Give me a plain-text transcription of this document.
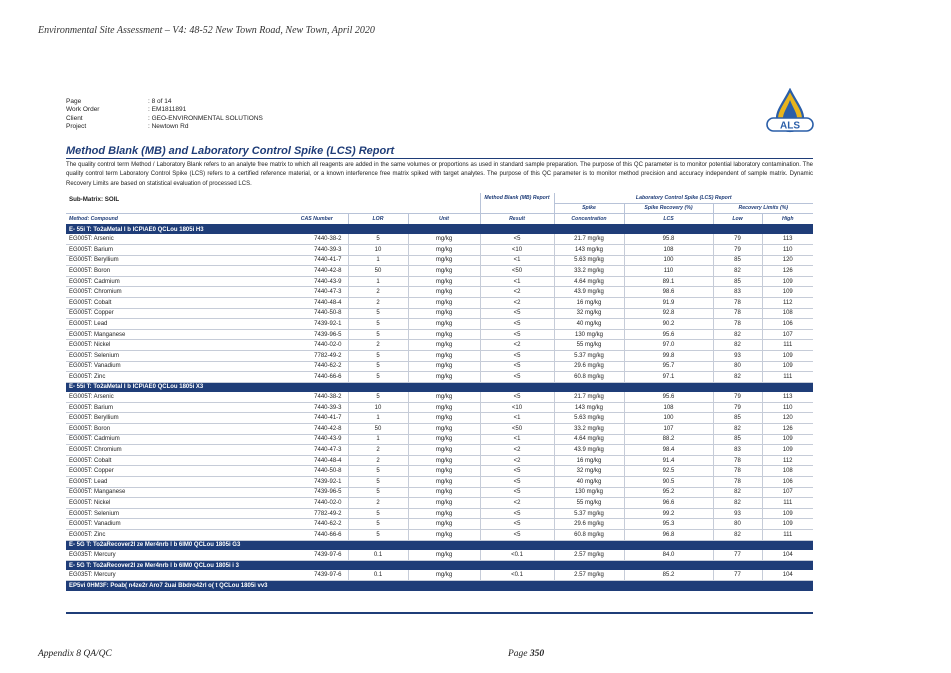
Environmental Site Assessment – V4: 48-52 New Town Road, New Town, April 2020
Page	: 8 of 14
Work Order	: EM1811891
Client	: GEO-ENVIRONMENTAL SOLUTIONS
Project	: Newtown Rd	ALS
Method Blank (MB) and Laboratory Control Spike (LCS) Report
The quality control term Method / Laboratory Blank refers to an analyte free matrix to which all reagents are added in the same volumes or proportions as used in standard sample preparation. The purpose of this QC parameter is to monitor potential laboratory contamination. The quality control term Laboratory Control Spike (LCS) refers to a certified reference material, or a known interference free matrix spiked with target analytes. The purpose of this QC parameter is to monitor method precision and accuracy independent of sample matrix. Dynamic Recovery Limits are based on statistical evaluation of processed LCS.
Sub-Matrix: SOIL				Method Blank (MB) Report	Laboratory Control Spike (LCS) Report			
					Spike	Spike Recovery (%)	Recovery Limits (%)	
Method: Compound	CAS Number	LOR	Unit	Result	Concentration	LCS	Low	High
E- 55i T: To2aMetal I b ICP\AE0 QCLou 1805i H3								
EG005T: Arsenic	7440-38-2	5	mg/kg	<5	21.7 mg/kg	95.8	79	113
EG005T: Barium	7440-39-3	10	mg/kg	<10	143 mg/kg	108	79	110
EG005T: Beryllium	7440-41-7	1	mg/kg	<1	5.63 mg/kg	100	85	120
EG005T: Boron	7440-42-8	50	mg/kg	<50	33.2 mg/kg	110	82	126
EG005T: Cadmium	7440-43-9	1	mg/kg	<1	4.64 mg/kg	89.1	85	109
EG005T: Chromium	7440-47-3	2	mg/kg	<2	43.9 mg/kg	98.6	83	109
EG005T: Cobalt	7440-48-4	2	mg/kg	<2	16 mg/kg	91.9	78	112
EG005T: Copper	7440-50-8	5	mg/kg	<5	32 mg/kg	92.8	78	108
EG005T: Lead	7439-92-1	5	mg/kg	<5	40 mg/kg	90.2	78	106
EG005T: Manganese	7439-96-5	5	mg/kg	<5	130 mg/kg	95.6	82	107
EG005T: Nickel	7440-02-0	2	mg/kg	<2	55 mg/kg	97.0	82	111
EG005T: Selenium	7782-49-2	5	mg/kg	<5	5.37 mg/kg	99.8	93	109
EG005T: Vanadium	7440-62-2	5	mg/kg	<5	29.6 mg/kg	95.7	80	109
EG005T: Zinc	7440-66-6	5	mg/kg	<5	60.8 mg/kg	97.1	82	111
E- 55i T: To2aMetal I b ICP\AE0 QCLou 1805i X3								
EG005T: Arsenic	7440-38-2	5	mg/kg	<5	21.7 mg/kg	95.6	79	113
EG005T: Barium	7440-39-3	10	mg/kg	<10	143 mg/kg	108	79	110
EG005T: Beryllium	7440-41-7	1	mg/kg	<1	5.63 mg/kg	100	85	120
EG005T: Boron	7440-42-8	50	mg/kg	<50	33.2 mg/kg	107	82	126
EG005T: Cadmium	7440-43-9	1	mg/kg	<1	4.64 mg/kg	88.2	85	109
EG005T: Chromium	7440-47-3	2	mg/kg	<2	43.9 mg/kg	98.4	83	109
EG005T: Cobalt	7440-48-4	2	mg/kg	<2	16 mg/kg	91.4	78	112
EG005T: Copper	7440-50-8	5	mg/kg	<5	32 mg/kg	92.5	78	108
EG005T: Lead	7439-92-1	5	mg/kg	<5	40 mg/kg	90.5	78	106
EG005T: Manganese	7439-96-5	5	mg/kg	<5	130 mg/kg	95.2	82	107
EG005T: Nickel	7440-02-0	2	mg/kg	<2	55 mg/kg	96.6	82	111
EG005T: Selenium	7782-49-2	5	mg/kg	<5	5.37 mg/kg	99.2	93	109
EG005T: Vanadium	7440-62-2	5	mg/kg	<5	29.6 mg/kg	95.3	80	109
EG005T: Zinc	7440-66-6	5	mg/kg	<5	60.8 mg/kg	96.8	82	111
E- 5G T: To2aRecover2l ze Mer4nrb I b 6IM0 QCLou 1805i G3								
EG035T: Mercury	7439-97-6	0.1	mg/kg	<0.1	2.57 mg/kg	84.0	77	104
E- 5G T: To2aRecover2l ze Mer4nrb I b 6IM0 QCLou 1805i i 3								
EG035T: Mercury	7439-97-6	0.1	mg/kg	<0.1	2.57 mg/kg	85.2	77	104
EP5vi 0HM3F: Poab( n4ze2r Aro7 2uai Bbdro42rl o( t QCLou 1805i vv3								
Appendix 8 QA/QC	Page 350
